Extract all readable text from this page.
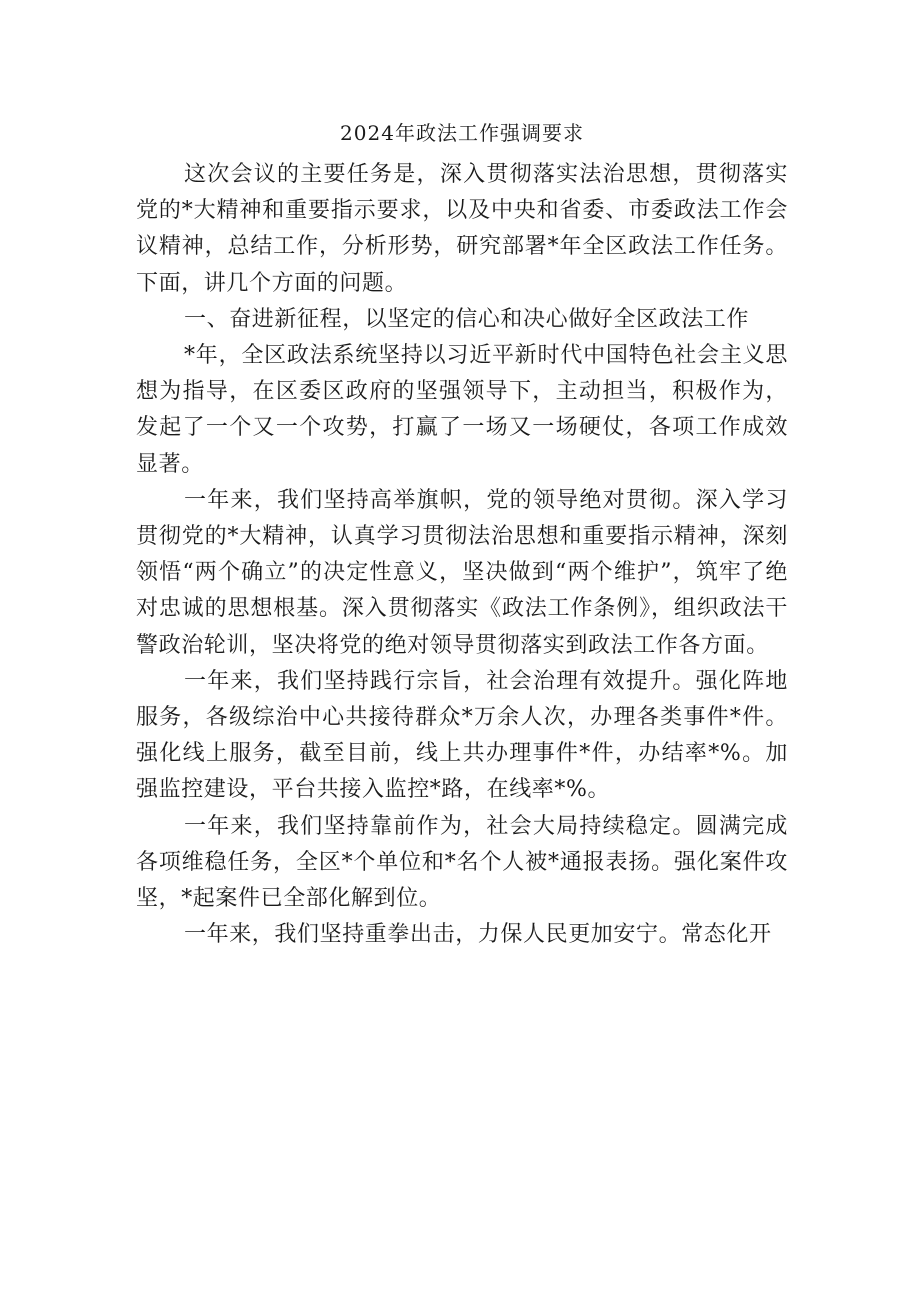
2024年政法工作强调要求

这次会议的主要任务是，深入贯彻落实法治思想，贯彻落实党的*大精神和重要指示要求，以及中央和省委、市委政法工作会议精神，总结工作，分析形势，研究部署*年全区政法工作任务。下面，讲几个方面的问题。

一、奋进新征程，以坚定的信心和决心做好全区政法工作

*年，全区政法系统坚持以习近平新时代中国特色社会主义思想为指导，在区委区政府的坚强领导下，主动担当，积极作为，发起了一个又一个攻势，打赢了一场又一场硬仗，各项工作成效显著。

一年来，我们坚持高举旗帜，党的领导绝对贯彻。深入学习贯彻党的*大精神，认真学习贯彻法治思想和重要指示精神，深刻领悟“两个确立”的决定性意义，坚决做到“两个维护”，筑牢了绝对忠诚的思想根基。深入贯彻落实《政法工作条例》，组织政法干警政治轮训，坚决将党的绝对领导贯彻落实到政法工作各方面。

一年来，我们坚持践行宗旨，社会治理有效提升。强化阵地服务，各级综治中心共接待群众*万余人次，办理各类事件*件。强化线上服务，截至目前，线上共办理事件*件，办结率*%。加强监控建设，平台共接入监控*路，在线率*%。

一年来，我们坚持靠前作为，社会大局持续稳定。圆满完成各项维稳任务，全区*个单位和*名个人被*通报表扬。强化案件攻坚，*起案件已全部化解到位。

一年来，我们坚持重拳出击，力保人民更加安宁。常态化开
